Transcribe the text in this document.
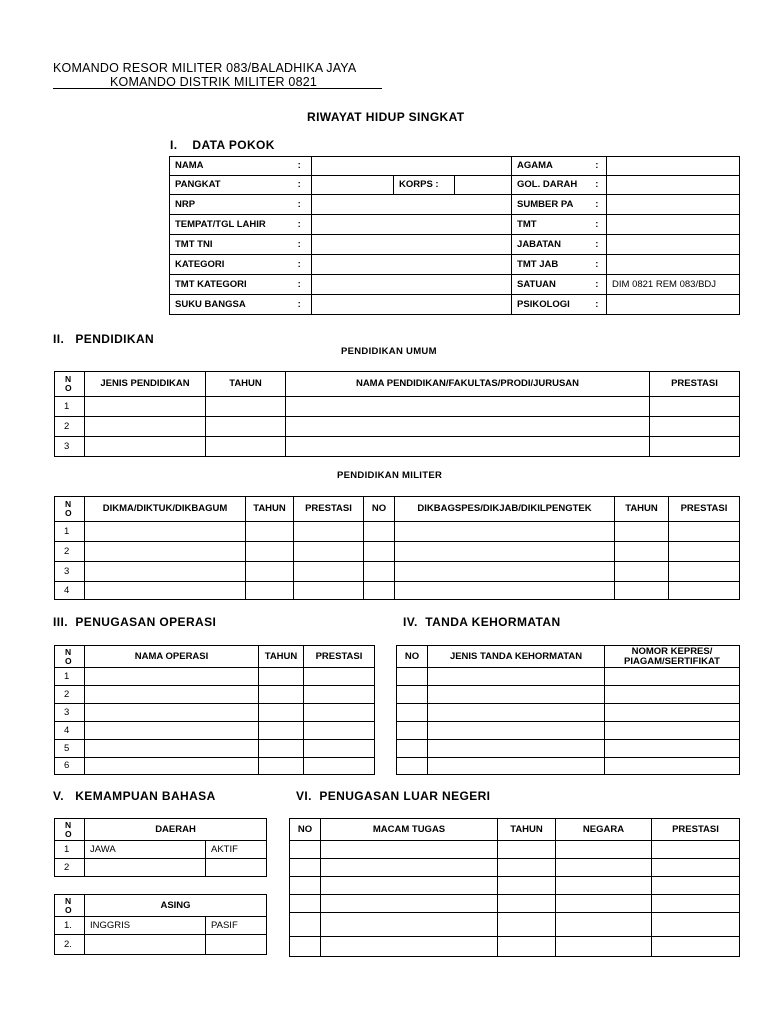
KOMANDO RESOR MILITER 083/BALADHIKA JAYA
KOMANDO DISTRIK MILITER 0821
RIWAYAT HIDUP SINGKAT
I.    DATA POKOK
NAMA	:				AGAMA	:	
PANGKAT	:		KORPS :		GOL. DARAH	:	
NRP	:				SUMBER PA	:	
TEMPAT/TGL LAHIR	:				TMT	:	
TMT TNI	:				JABATAN	:	
KATEGORI	:				TMT JAB	:	
TMT KATEGORI	:				SATUAN	:	DIM 0821 REM 083/BDJ
SUKU BANGSA	:				PSIKOLOGI	:	
II.   PENDIDIKAN
PENDIDIKAN UMUM
N O	JENIS PENDIDIKAN	TAHUN	NAMA PENDIDIKAN/FAKULTAS/PRODI/JURUSAN	PRESTASI
1				
2				
3				
PENDIDIKAN MILITER
N O	DIKMA/DIKTUK/DIKBAGUM	TAHUN	PRESTASI	NO	DIKBAGSPES/DIKJAB/DIKILPENGTEK	TAHUN	PRESTASI
1							
2							
3							
4							
III.  PENUGASAN OPERASI
N O	NAMA OPERASI	TAHUN	PRESTASI
1			
2			
3			
4			
5			
6			
IV.  TANDA KEHORMATAN
NO	JENIS TANDA KEHORMATAN	NOMOR KEPRES/ PIAGAM/SERTIFIKAT

V.   KEMAMPUAN BAHASA
N O	DAERAH	
1	JAWA	AKTIF
2		
N O	ASING	
1.	INGGRIS	PASIF
2.		
VI.  PENUGASAN LUAR NEGERI
NO	MACAM TUGAS	TAHUN	NEGARA	PRESTASI
